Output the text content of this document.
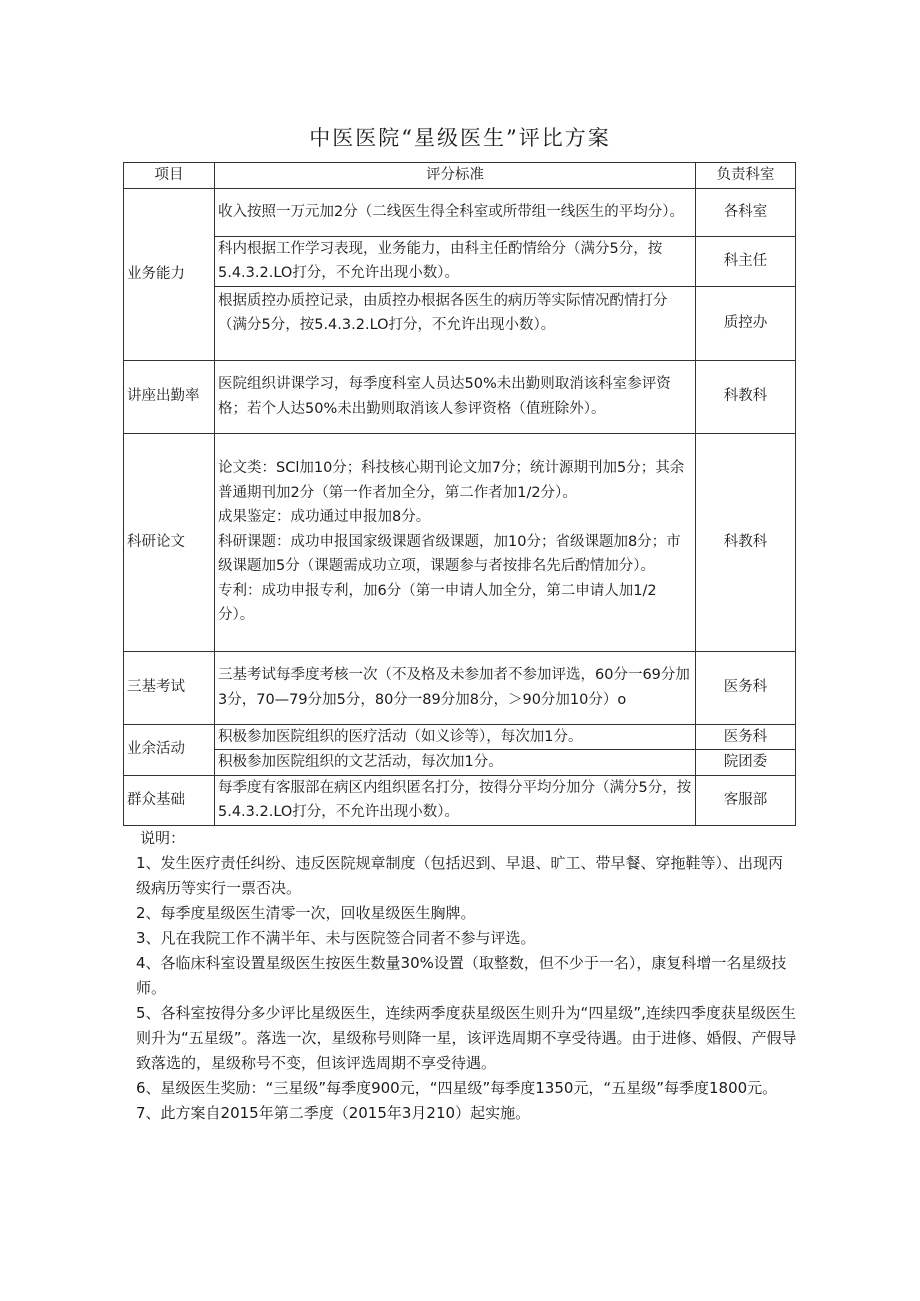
中医医院“星级医生”评比方案
项目	评分标准	负责科室
业务能力	收入按照一万元加2分（二线医生得全科室或所带组一线医生的平均分）。	各科室
	科内根据工作学习表现，业务能力，由科主任酌情给分（满分5分，按5.4.3.2.LO打分，不允许出现小数）。	科主任
	根据质控办质控记录，由质控办根据各医生的病历等实际情况酌情打分（满分5分，按5.4.3.2.LO打分，不允许出现小数）。	质控办
讲座出勤率	医院组织讲课学习，每季度科室人员达50%未出勤则取消该科室参评资格；若个人达50%未出勤则取消该人参评资格（值班除外）。	科教科
科研论文	论文类：SCl加10分；科技核心期刊论文加7分；统计源期刊加5分；其余普通期刊加2分（第一作者加全分，第二作者加1/2分）。
成果鉴定：成功通过申报加8分。
科研课题：成功申报国家级课题省级课题，加10分；省级课题加8分；市级课题加5分（课题需成功立项，课题参与者按排名先后酌情加分）。
专利：成功申报专利，加6分（第一申请人加全分，第二申请人加1/2分）。	科教科
三基考试	三基考试每季度考核一次（不及格及未参加者不参加评选，60分一69分加3分，70—79分加5分，80分一89分加8分，＞90分加10分）o	医务科
业余活动	积极参加医院组织的医疗活动（如义诊等），每次加1分。	医务科
	积极参加医院组织的文艺活动，每次加1分。	院团委
群众基础	每季度有客服部在病区内组织匿名打分，按得分平均分加分（满分5分，按5.4.3.2.LO打分，不允许出现小数）。	客服部

说明：

1、发生医疗责任纠纷、违反医院规章制度（包括迟到、早退、旷工、带早餐、穿拖鞋等）、出现丙级病历等实行一票否决。

2、每季度星级医生清零一次，回收星级医生胸牌。

3、凡在我院工作不满半年、未与医院签合同者不参与评选。

4、各临床科室设置星级医生按医生数量30%设置（取整数，但不少于一名），康复科增一名星级技师。

5、各科室按得分多少评比星级医生，连续两季度获星级医生则升为“四星级”,连续四季度获星级医生则升为“五星级”。落选一次，星级称号则降一星，该评选周期不享受待遇。由于进修、婚假、产假导致落选的，星级称号不变，但该评选周期不享受待遇。

6、星级医生奖励：“三星级”每季度900元，“四星级”每季度1350元，“五星级”每季度1800元。

7、此方案自2015年第二季度（2015年3月210）起实施。
